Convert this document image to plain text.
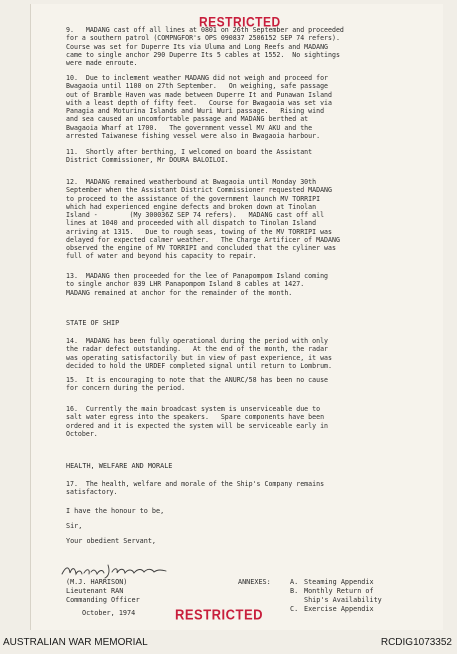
RESTRICTED

9.   MADANG cast off all lines at 0801 on 26th September and proceeded
for a southern patrol (COMPNGFOR's OPS 090837 2506152 SEP 74 refers).
Course was set for Duperre Its via Uluma and Long Reefs and MADANG
came to single anchor 290 Duperre Its 5 cables at 1552.  No sightings
were made enroute.

10.  Due to inclement weather MADANG did not weigh and proceed for
Bwagaoia until 1100 on 27th September.   On weighing, safe passage
out of Bramble Haven was made between Duperre It and Punawan Island
with a least depth of fifty feet.   Course for Bwagaoia was set via
Panagia and Moturina Islands and Wuri Wuri passage.   Rising wind
and sea caused an uncomfortable passage and MADANG berthed at
Bwagaoia Wharf at 1700.   The government vessel MV AKU and the
arrested Taiwanese fishing vessel were also in Bwagaoia harbour.

11.  Shortly after berthing, I welcomed on board the Assistant
District Commissioner, Mr DOURA BALOILOI.

12.  MADANG remained weatherbound at Bwagaoia until Monday 30th
September when the Assistant District Commissioner requested MADANG
to proceed to the assistance of the government launch MV TORRIPI
which had experienced engine defects and broken down at Tinolan
Island -        (My 300036Z SEP 74 refers).   MADANG cast off all
lines at 1040 and proceeded with all dispatch to Tinolan Island
arriving at 1315.   Due to rough seas, towing of the MV TORRIPI was
delayed for expected calmer weather.   The Charge Artificer of MADANG
observed the engine of MV TORRIPI and concluded that the cyliner was
full of water and beyond his capacity to repair.

13.  MADANG then proceeded for the lee of Panapompom Island coming
to single anchor 039 LHR Panapompom Island 8 cables at 1427.
MADANG remained at anchor for the remainder of the month.

STATE OF SHIP

14.  MADANG has been fully operational during the period with only
the radar defect outstanding.   At the end of the month, the radar
was operating satisfactorily but in view of past experience, it was
decided to hold the URDEF completed signal until return to Lombrum.

15.  It is encouraging to note that the ANURC/58 has been no cause
for concern during the period.

16.  Currently the main broadcast system is unserviceable due to
salt water egress into the speakers.   Spare components have been
ordered and it is expected the system will be serviceable early in
October.

HEALTH, WELFARE AND MORALE

17.  The health, welfare and morale of the Ship's Company remains
satisfactory.

I have the honour to be,
Sir,
Your obedient Servant,
(M.J. HARRISON)
Lieutenant RAN
Commanding Officer
October, 1974
ANNEXES:	A.
B.

C.
Steaming Appendix
Monthly Return of
Ship's Availability
Exercise Appendix
RESTRICTED
AUSTRALIAN WAR MEMORIAL	RCDIG1073352
